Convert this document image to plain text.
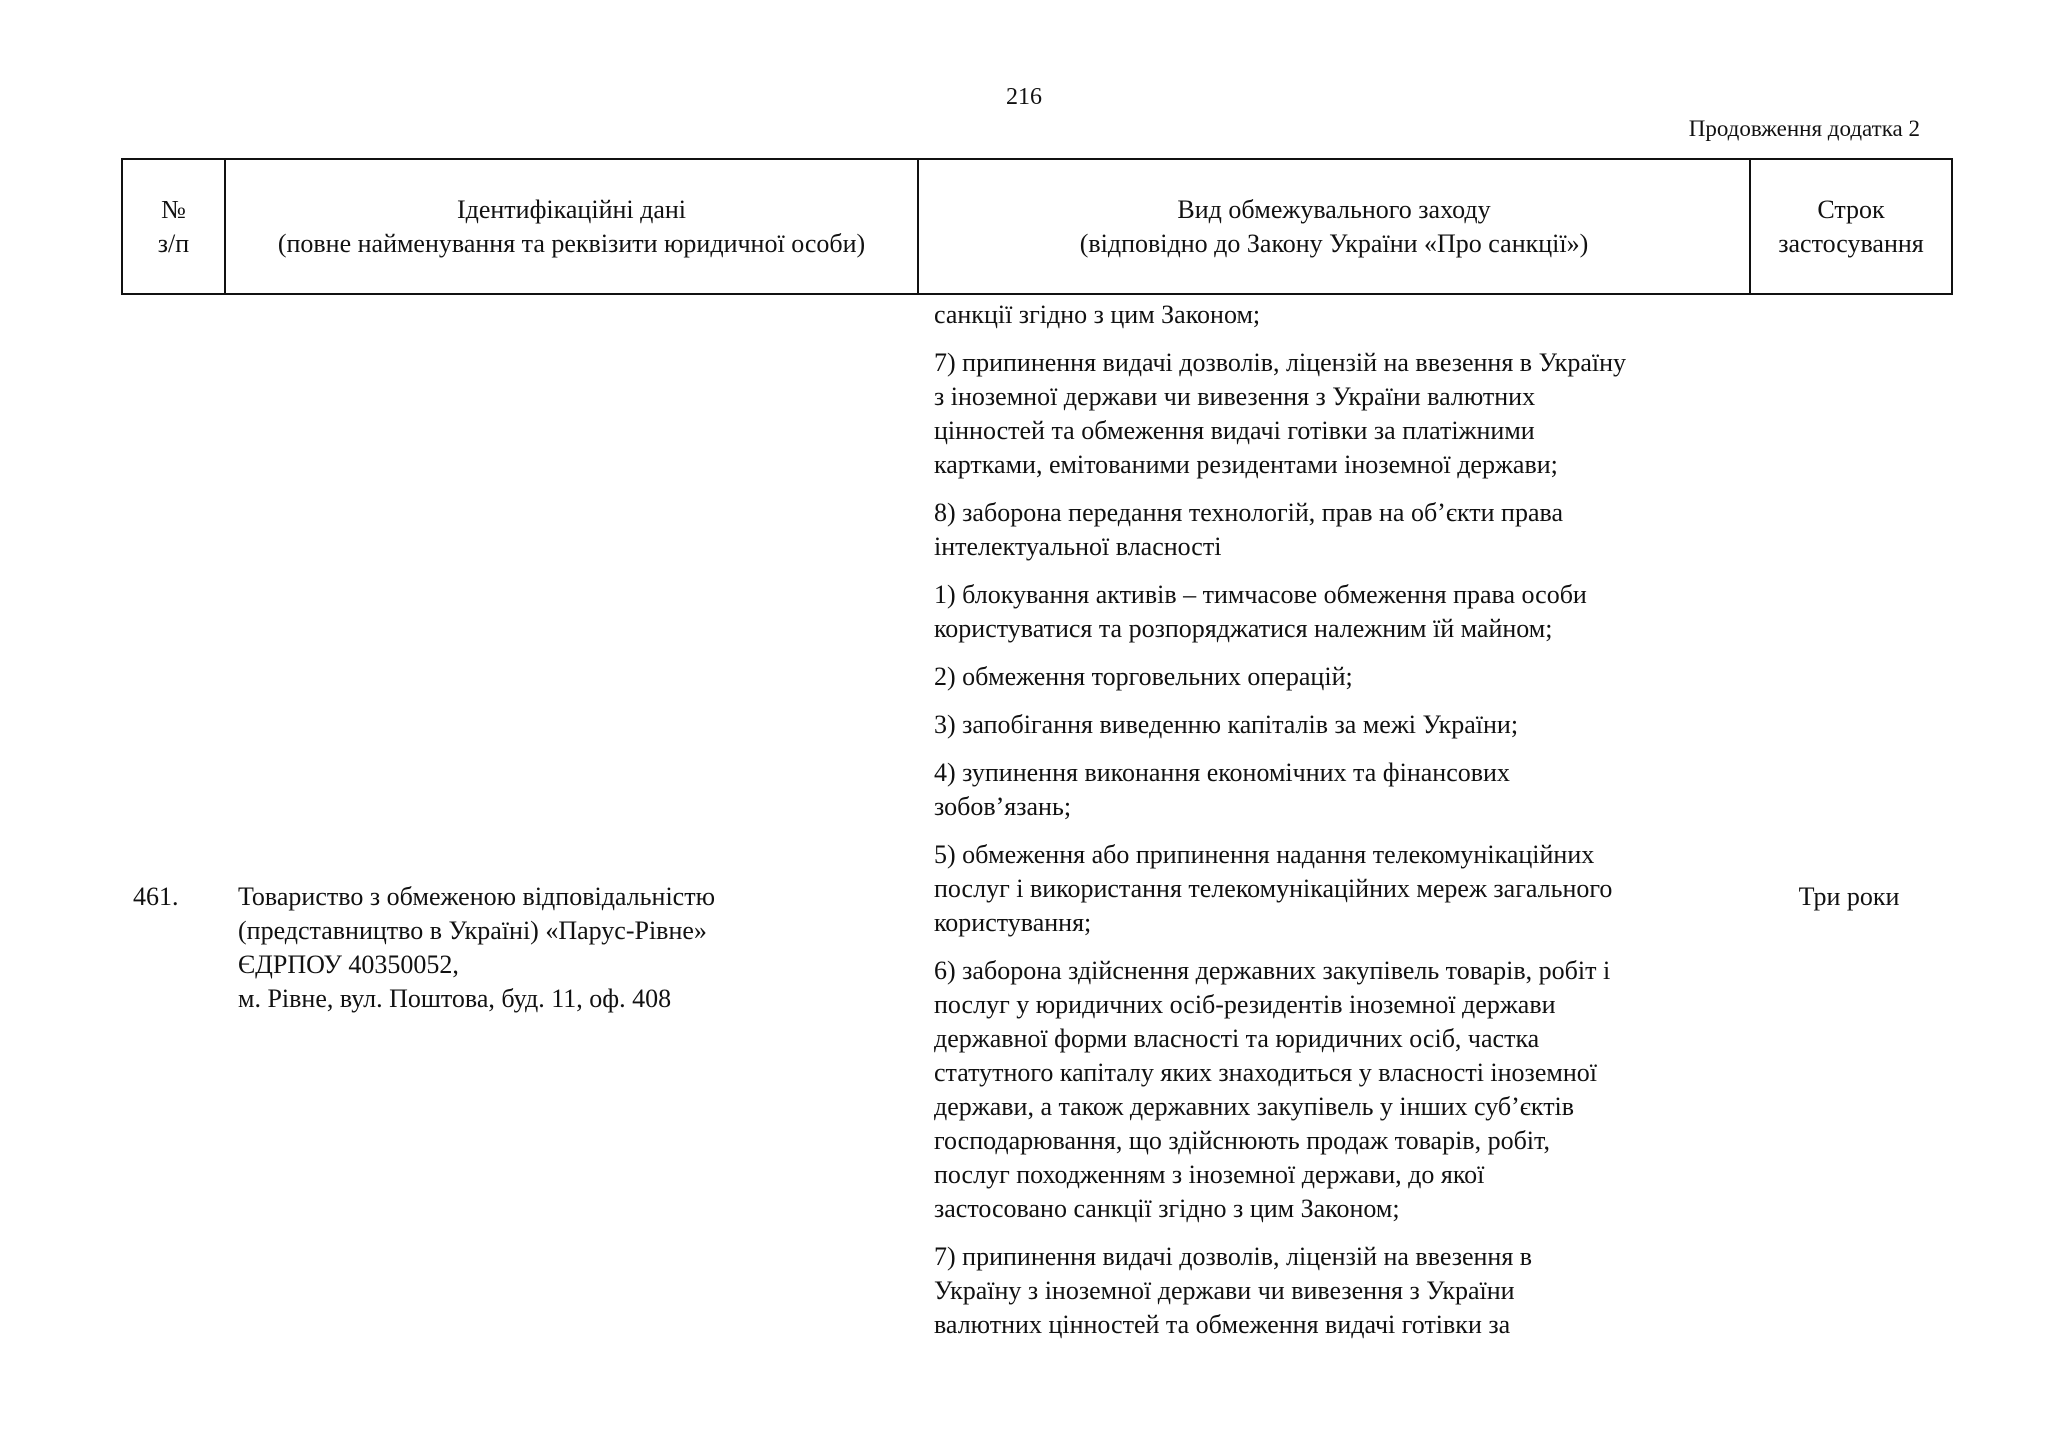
216
Продовження додатка 2
№
з/п
Ідентифікаційні дані
(повне найменування та реквізити юридичної особи)
Вид обмежувального заходу
(відповідно до Закону України «Про санкції»)
Строк
застосування
461. Товариство з обмеженою відповідальністю
(представництво в Україні) «Парус-Рівне»
ЄДРПОУ 40350052,
м. Рівне, вул. Поштова, буд. 11, оф. 408
Три роки
санкції згідно з цим Законом;
7) припинення видачі дозволів, ліцензій на ввезення в Україну
з іноземної держави чи вивезення з України валютних
цінностей та обмеження видачі готівки за платіжними
картками, емітованими резидентами іноземної держави;
8) заборона передання технологій, прав на об’єкти права
інтелектуальної власності
1) блокування активів – тимчасове обмеження права особи
користуватися та розпоряджатися належним їй майном;
2) обмеження торговельних операцій;
3) запобігання виведенню капіталів за межі України;
4) зупинення виконання економічних та фінансових
зобов’язань;
5) обмеження або припинення надання телекомунікаційних
послуг і використання телекомунікаційних мереж загального
користування;
6) заборона здійснення державних закупівель товарів, робіт і
послуг у юридичних осіб-резидентів іноземної держави
державної форми власності та юридичних осіб, частка
статутного капіталу яких знаходиться у власності іноземної
держави, а також державних закупівель у інших суб’єктів
господарювання, що здійснюють продаж товарів, робіт,
послуг походженням з іноземної держави, до якої
застосовано санкції згідно з цим Законом;
7) припинення видачі дозволів, ліцензій на ввезення в
Україну з іноземної держави чи вивезення з України
валютних цінностей та обмеження видачі готівки за
